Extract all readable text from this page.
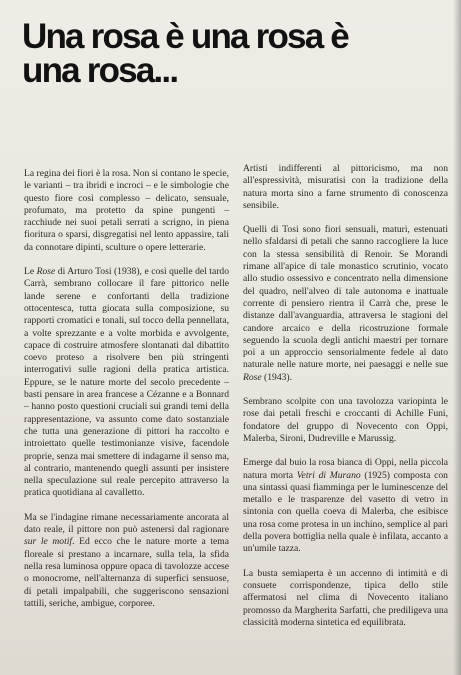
Una rosa è una rosa è
una rosa...

La regina dei fiori è la rosa. Non si contano le specie, le varianti – tra ibridi e incroci – e le simbologie che questo fiore così complesso – delicato, sensuale, profumato, ma protetto da spine pungenti – racchiude nei suoi petali serrati a scrigno, in piena fioritura o sparsi, disgregatisi nel lento appassire, tali da connotare dipinti, sculture o opere letterarie.

Le Rose di Arturo Tosi (1938), e così quelle del tardo Carrà, sembrano collocare il fare pittorico nelle lande serene e confortanti della tradizione ottocentesca, tutta giocata sulla composizione, su rapporti cromatici e tonali, sul tocco della pennellata, a volte sprezzante e a volte morbida e avvolgente, capace di costruire atmosfere slontanati dal dibattito coevo proteso a risolvere ben più stringenti interrogativi sulle ragioni della pratica artistica. Eppure, se le nature morte del secolo precedente – basti pensare in area francese a Cézanne e a Bonnard – hanno posto questioni cruciali sui grandi temi della rappresentazione, va assunto come dato sostanziale che tutta una generazione di pittori ha raccolto e introiettato quelle testimonianze visive, facendole proprie, senza mai smettere di indagarne il senso ma, al contrario, mantenendo quegli assunti per insistere nella speculazione sul reale percepito attraverso la pratica quotidiana al cavalletto.

Ma se l'indagine rimane necessariamente ancorata al dato reale, il pittore non può astenersi dal ragionare sur le motif. Ed ecco che le nature morte a tema floreale si prestano a incarnare, sulla tela, la sfida nella resa luminosa oppure opaca di tavolozze accese o monocrome, nell'alternanza di superfici sensuose, di petali impalpabili, che suggeriscono sensazioni tattili, seriche, ambigue, corporee.

Artisti indifferenti al pittoricismo, ma non all'espressività, misuratisi con la tradizione della natura morta sino a farne strumento di conoscenza sensibile.

Quelli di Tosi sono fiori sensuali, maturi, estenuati nello sfaldarsi di petali che sanno raccogliere la luce con la stessa sensibilità di Renoir. Se Morandi rimane all'apice di tale monastico scrutinio, vocato allo studio ossessivo e concentrato nella dimensione del quadro, nell'alveo di tale autonoma e inattuale corrente di pensiero rientra il Carrà che, prese le distanze dall'avanguardia, attraversa le stagioni del candore arcaico e della ricostruzione formale seguendo la scuola degli antichi maestri per tornare poi a un approccio sensorialmente fedele al dato naturale nelle nature morte, nei paesaggi e nelle sue Rose (1943).

Sembrano scolpite con una tavolozza variopinta le rose dai petali freschi e croccanti di Achille Funi, fondatore del gruppo di Novecento con Oppi, Malerba, Sironi, Dudreville e Marussig.

Emerge dal buio la rosa bianca di Oppi, nella piccola natura morta Vetri di Murano (1925) composta con una sintassi quasi fiamminga per le luminescenze del metallo e le trasparenze del vasetto di vetro in sintonia con quella coeva di Malerba, che esibisce una rosa come protesa in un inchino, semplice al pari della povera bottiglia nella quale è infilata, accanto a un'umile tazza.

La busta semiaperta è un accenno di intimità e di consuete corrispondenze, tipica dello stile affermatosi nel clima di Novecento italiano promosso da Margherita Sarfatti, che prediligeva una classicità moderna sintetica ed equilibrata.
